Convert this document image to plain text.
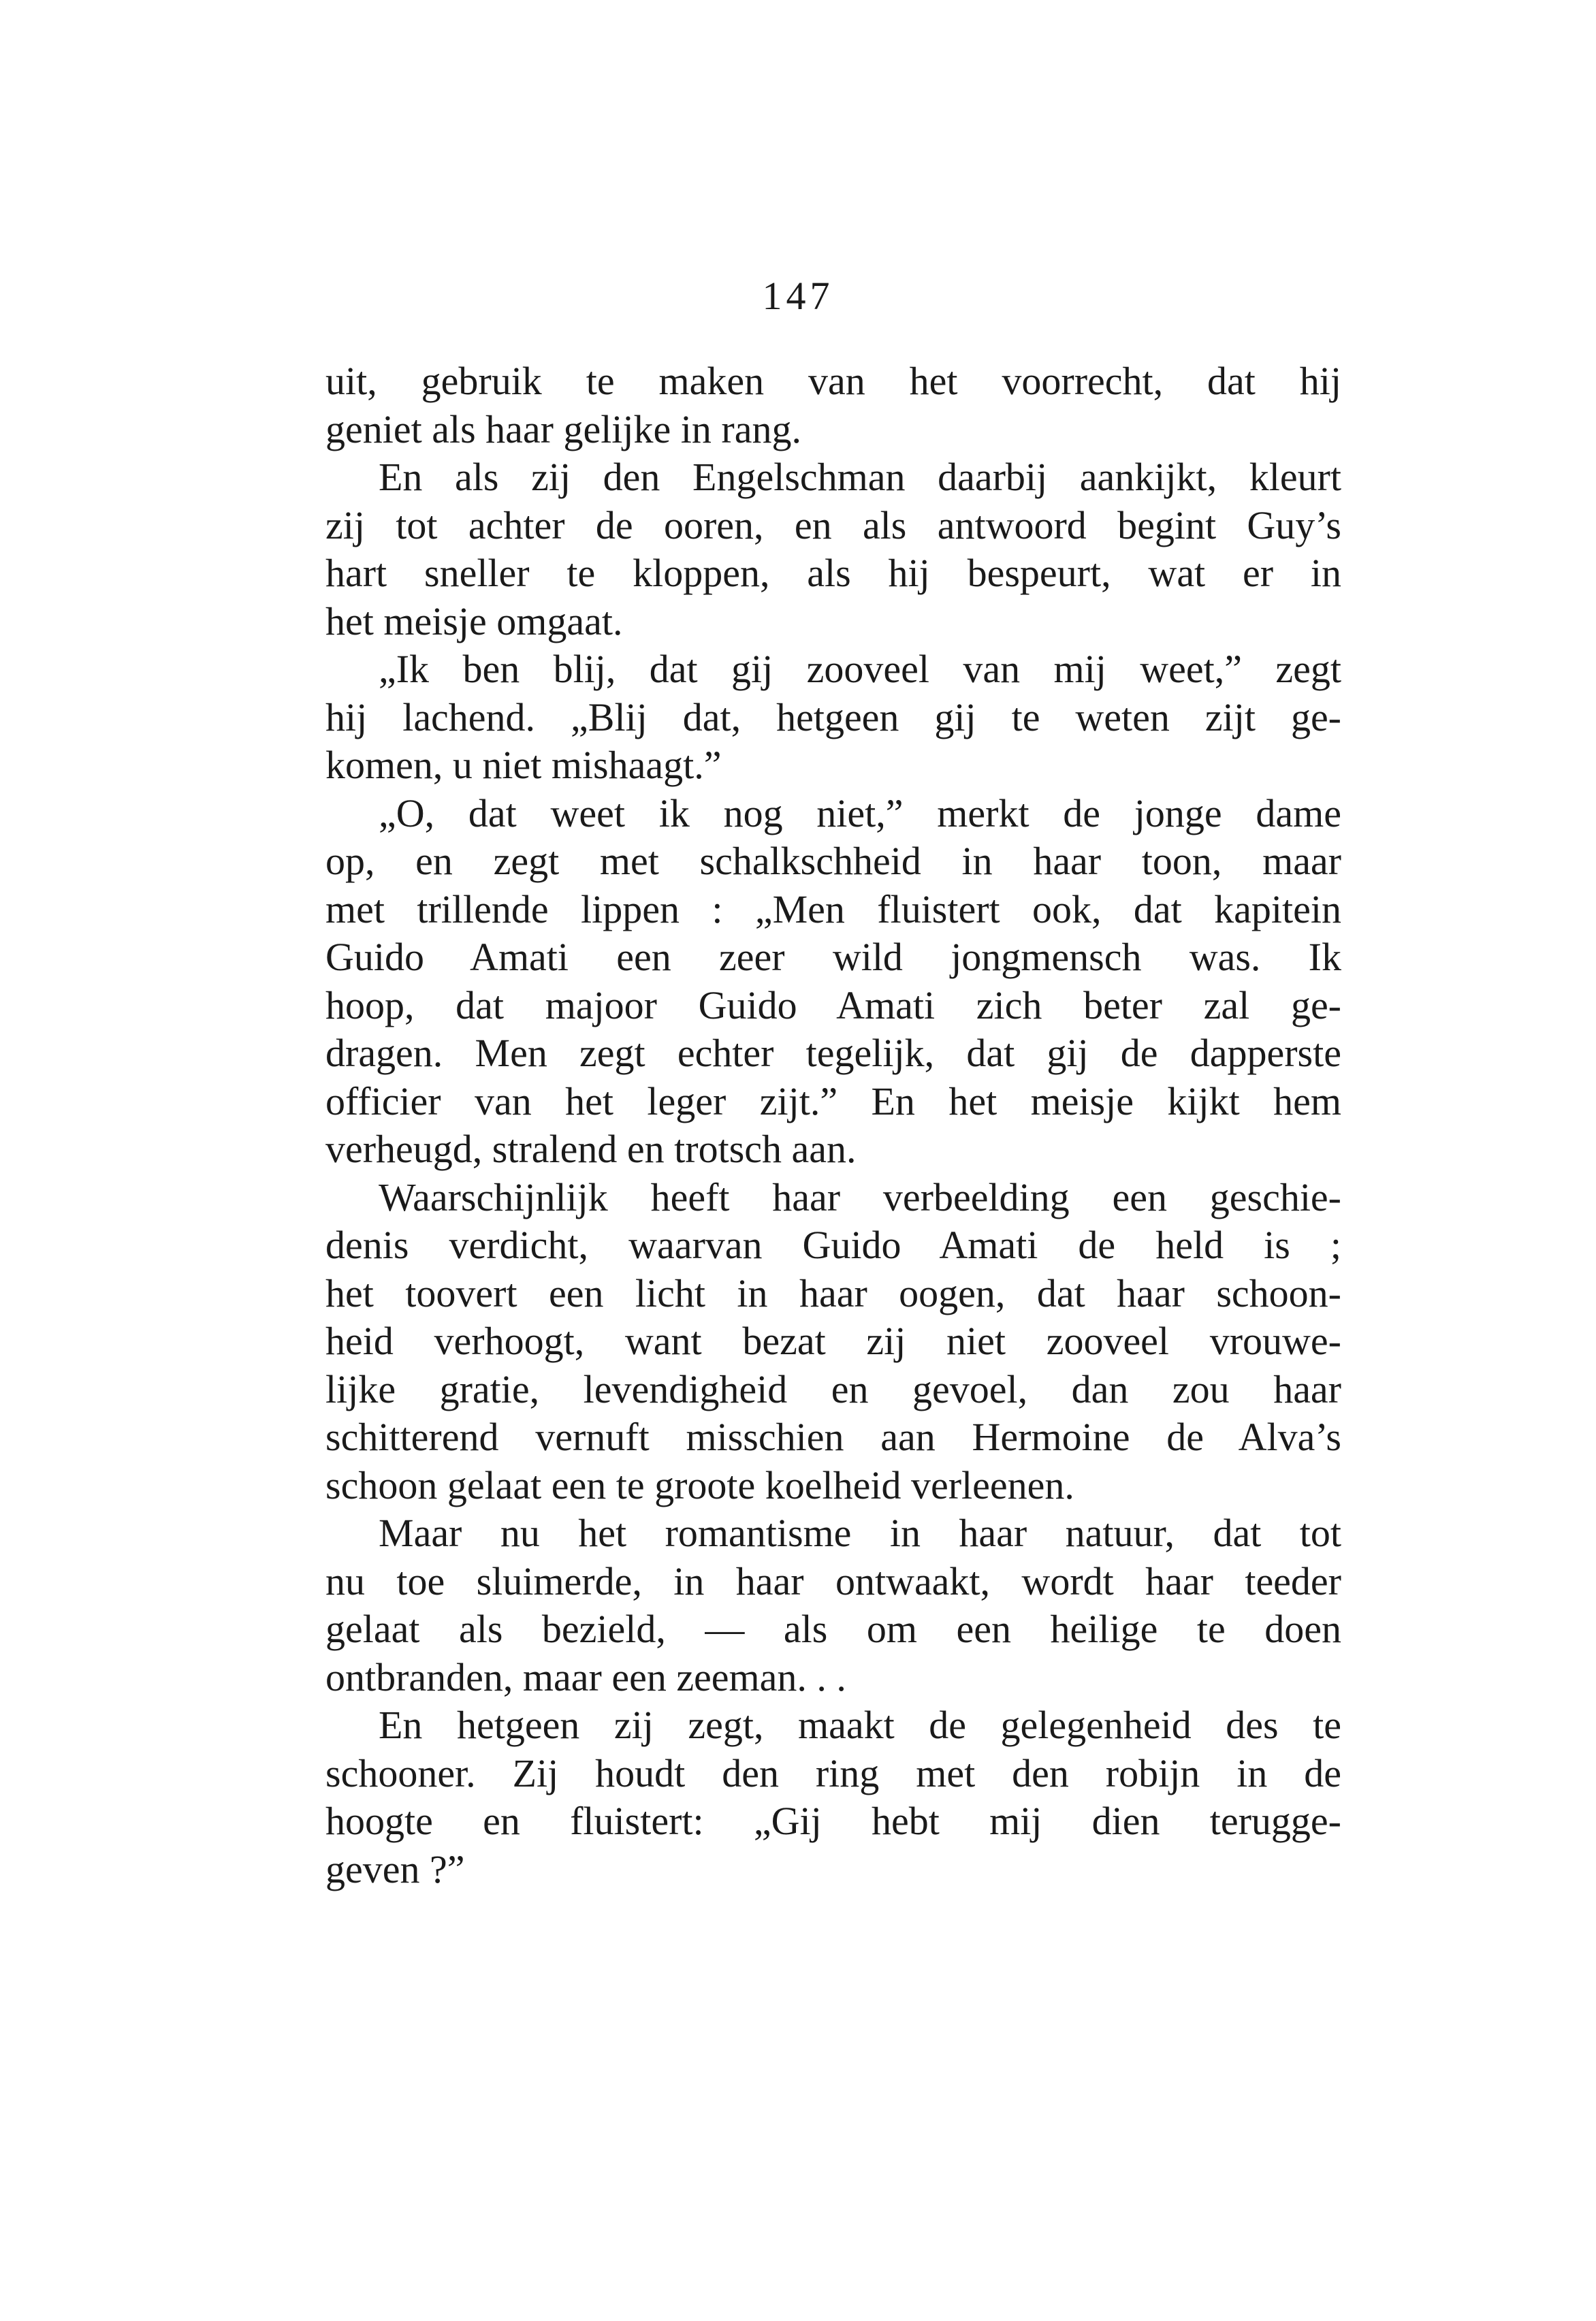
147
uit, gebruik te maken van het voorrecht, dat hij
geniet als haar gelijke in rang.
En als zij den Engelschman daarbij aankijkt, kleurt
zij tot achter de ooren, en als antwoord begint Guy’s
hart sneller te kloppen, als hij bespeurt, wat er in
het meisje omgaat.
„Ik ben blij, dat gij zooveel van mij weet,” zegt
hij lachend. „Blij dat, hetgeen gij te weten zijt ge-
komen, u niet mishaagt.”
„O, dat weet ik nog niet,” merkt de jonge dame
op, en zegt met schalkschheid in haar toon, maar
met trillende lippen : „Men fluistert ook, dat kapitein
Guido Amati een zeer wild jongmensch was. Ik
hoop, dat majoor Guido Amati zich beter zal ge-
dragen. Men zegt echter tegelijk, dat gij de dapperste
officier van het leger zijt.” En het meisje kijkt hem
verheugd, stralend en trotsch aan.
Waarschijnlijk heeft haar verbeelding een geschie-
denis verdicht, waarvan Guido Amati de held is ;
het toovert een licht in haar oogen, dat haar schoon-
heid verhoogt, want bezat zij niet zooveel vrouwe-
lijke gratie, levendigheid en gevoel, dan zou haar
schitterend vernuft misschien aan Hermoine de Alva’s
schoon gelaat een te groote koelheid verleenen.
Maar nu het romantisme in haar natuur, dat tot
nu toe sluimerde, in haar ontwaakt, wordt haar teeder
gelaat als bezield, — als om een heilige te doen
ontbranden, maar een zeeman. . .
En hetgeen zij zegt, maakt de gelegenheid des te
schooner. Zij houdt den ring met den robijn in de
hoogte en fluistert: „Gij hebt mij dien terugge-
geven ?”
